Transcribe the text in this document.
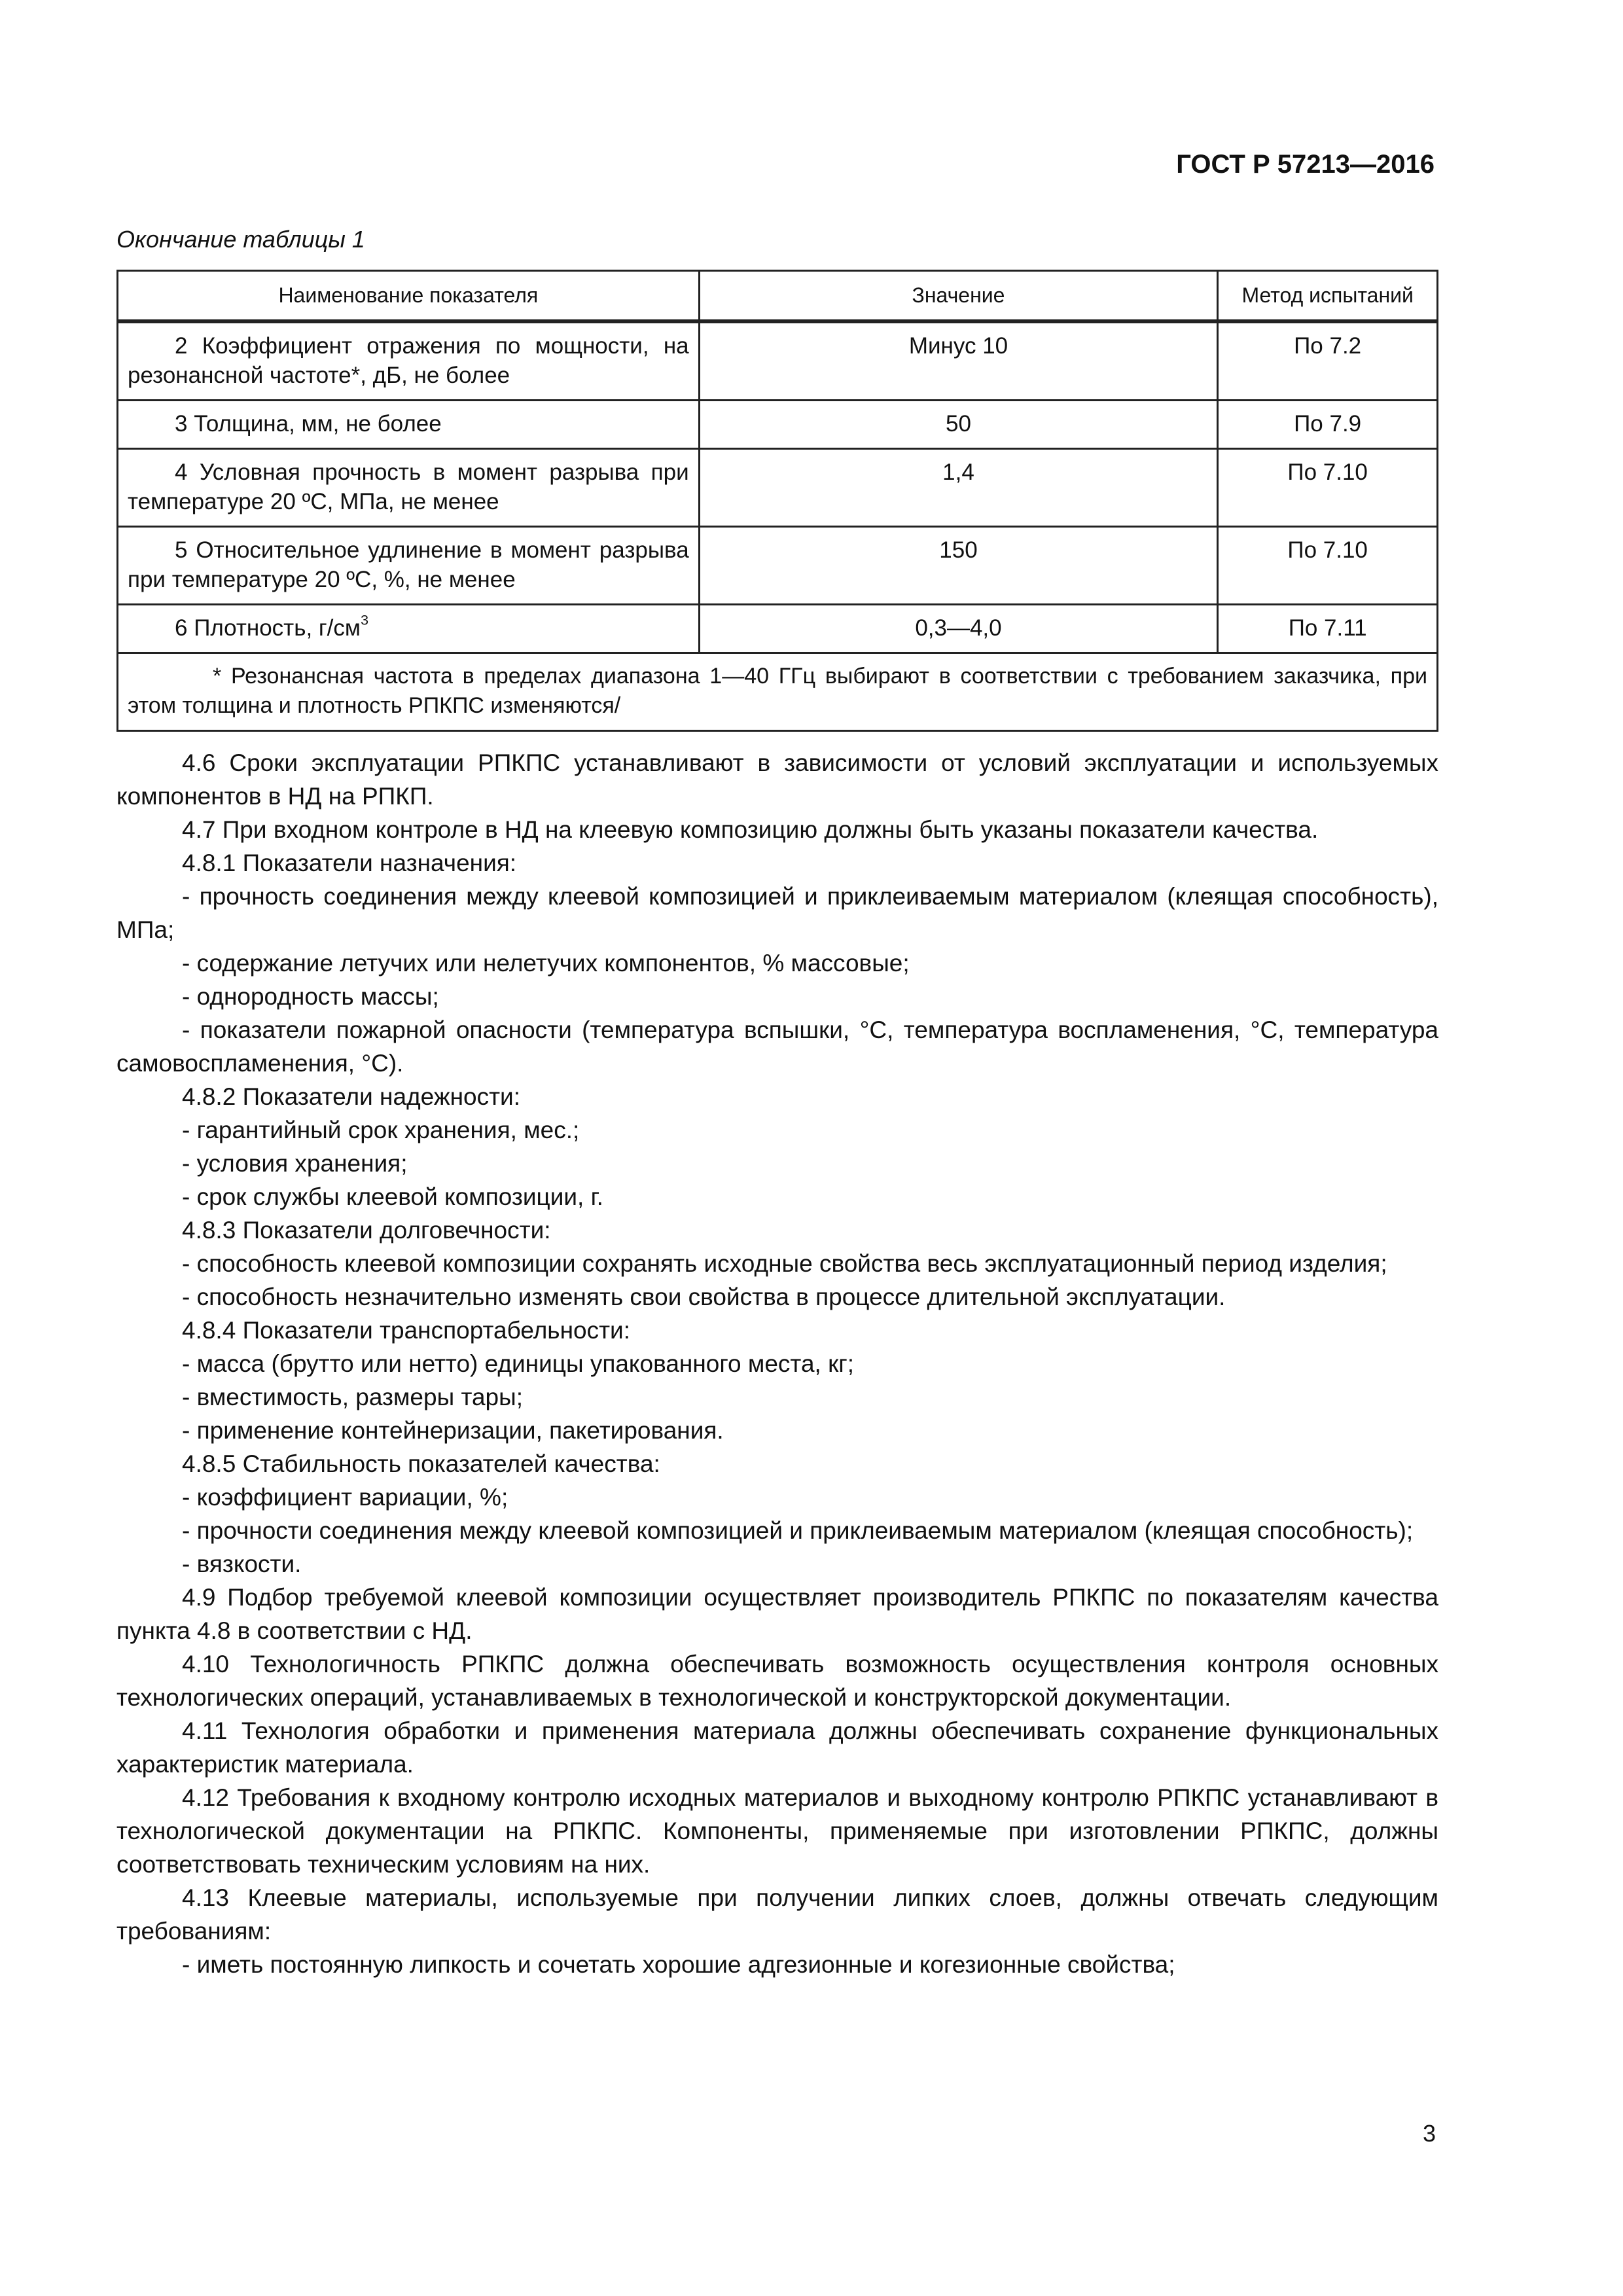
ГОСТ Р 57213—2016
Окончание таблицы 1
Наименование показателя	Значение	Метод испытаний
2 Коэффициент отражения по мощности, на резонансной частоте*, дБ, не более	Минус 10	По 7.2
3 Толщина, мм, не более	50	По 7.9
4 Условная прочность в момент разрыва при температуре 20 ºС, МПа, не менее	1,4	По 7.10
5 Относительное удлинение в момент разрыва при температуре 20 ºС, %, не менее	150	По 7.10
6 Плотность, $г/см^3$	0,3—4,0	По 7.11
* Резонансная частота в пределах диапазона 1—40 ГГц выбирают в соответствии с требованием заказчика, при этом толщина и плотность РПКПС изменяются/		

4.6 Сроки эксплуатации РПКПС устанавливают в зависимости от условий эксплуатации и используемых компонентов в НД на РПКП.

4.7 При входном контроле в НД на клеевую композицию должны быть указаны показатели качества.

4.8.1 Показатели назначения:

- прочность соединения между клеевой композицией и приклеиваемым материалом (клеящая способность), МПа;

- содержание летучих или нелетучих компонентов, % массовые;

- однородность массы;

- показатели пожарной опасности (температура вспышки, °С, температура воспламенения, °С, температура самовоспламенения, °С).

4.8.2 Показатели надежности:

- гарантийный срок хранения, мес.;

- условия хранения;

- срок службы клеевой композиции, г.

4.8.3 Показатели долговечности:

- способность клеевой композиции сохранять исходные свойства весь эксплуатационный период изделия;

- способность незначительно изменять свои свойства в процессе длительной эксплуатации.

4.8.4 Показатели транспортабельности:

- масса (брутто или нетто) единицы упакованного места, кг;

- вместимость, размеры тары;

- применение контейнеризации, пакетирования.

4.8.5 Стабильность показателей качества:

- коэффициент вариации, %;

- прочности соединения между клеевой композицией и приклеиваемым материалом (клеящая способность);

- вязкости.

4.9 Подбор требуемой клеевой композиции осуществляет производитель РПКПС по показателям качества пункта 4.8 в соответствии с НД.

4.10 Технологичность РПКПС должна обеспечивать возможность осуществления контроля основных технологических операций, устанавливаемых в технологической и конструкторской документации.

4.11 Технология обработки и применения материала должны обеспечивать сохранение функциональных характеристик материала.

4.12 Требования к входному контролю исходных материалов и выходному контролю РПКПС устанавливают в технологической документации на РПКПС. Компоненты, применяемые при изготовлении РПКПС, должны соответствовать техническим условиям на них.

4.13 Клеевые материалы, используемые при получении липких слоев, должны отвечать следующим требованиям:

- иметь постоянную липкость и сочетать хорошие адгезионные и когезионные свойства;

3
